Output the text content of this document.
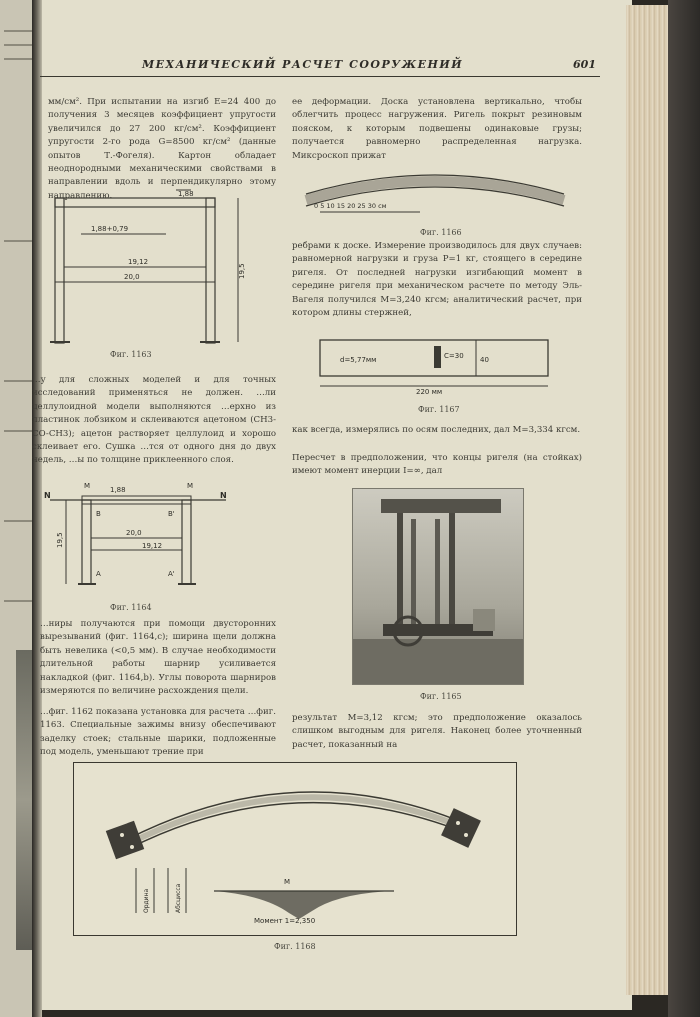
МЕХАНИЧЕСКИЙ РАСЧЕТ СООРУЖЕНИЙ	601

мм/см². При испытании на изгиб E=24 400 до получения 3 месяцев коэффициент упругости увеличился до 27 200 кг/см². Коэффициент упругости 2-го рода G=8500 кг/см² (данные опытов Т.-Фогеля). Картон обладает неоднородными механическими свойствами в направлении вдоль и перпендикулярно этому направлению.	1,88
1,88+0,79
19,12
20,0	19,5
Фиг. 1163

…у для сложных моделей и для точных исследований применяться не должен. …ли целлулоидной модели выполняются …ерхно из пластинок лобзиком и склеиваются ацетоном (CH3-CO-CH3); ацетон растворяет целлулоид и хорошо склеивает его. Сушка …тся от одного дня до двух недель, …ы по толщине приклеенного слоя.

N	N
M	M
1,88
B	B'
20,0
19,12
19,5
A	A'
Фиг. 1164

…ниры получаются при помощи двусторонних вырезываний (фиг. 1164,с); ширина щели должна быть невелика (<0,5 мм). В случае необходимости длительной работы шарнир усиливается накладкой (фиг. 1164,b). Углы поворота шарниров измеряются по величине расхождения щели.

…фиг. 1162 показана установка для расчета …фиг. 1163. Специальные зажимы внизу обеспечивают заделку стоек; стальные шарики, подложенные под модель, уменьшают трение при

ее деформации. Доска установлена вертикально, чтобы облегчить процесс нагружения. Ригель покрыт резиновым пояском, к которым подвешены одинаковые грузы; получается равномерно распределенная нагрузка. Миксроскоп прижат

0 5 10 15 20 25 30 см
Фиг. 1166

ребрами к доске. Измерение производилось для двух случаев: равномерной нагрузки и груза P=1 кг, стоящего в середине ригеля. От последней нагрузки изгибающий момент в середине ригеля при механическом расчете по методу Эль-Вагеля получился M=3,240 кгсм; аналитический расчет, при котором длины стержней,

d=5,77мм	C=30 40
220 мм
Фиг. 1167

как всегда, измерялись по осям последних, дал M=3,334 кгсм.

Пересчет в предположении, что концы ригеля (на стойках) имеют момент инерции I=∞, дал

Фиг. 1165

результат M=3,12 кгсм; это предположение оказалось слишком выгодным для ригеля. Наконец более уточненный расчет, показанный на

M
Момент 1=2,350
Ордина	Абсцисса
Фиг. 1168
